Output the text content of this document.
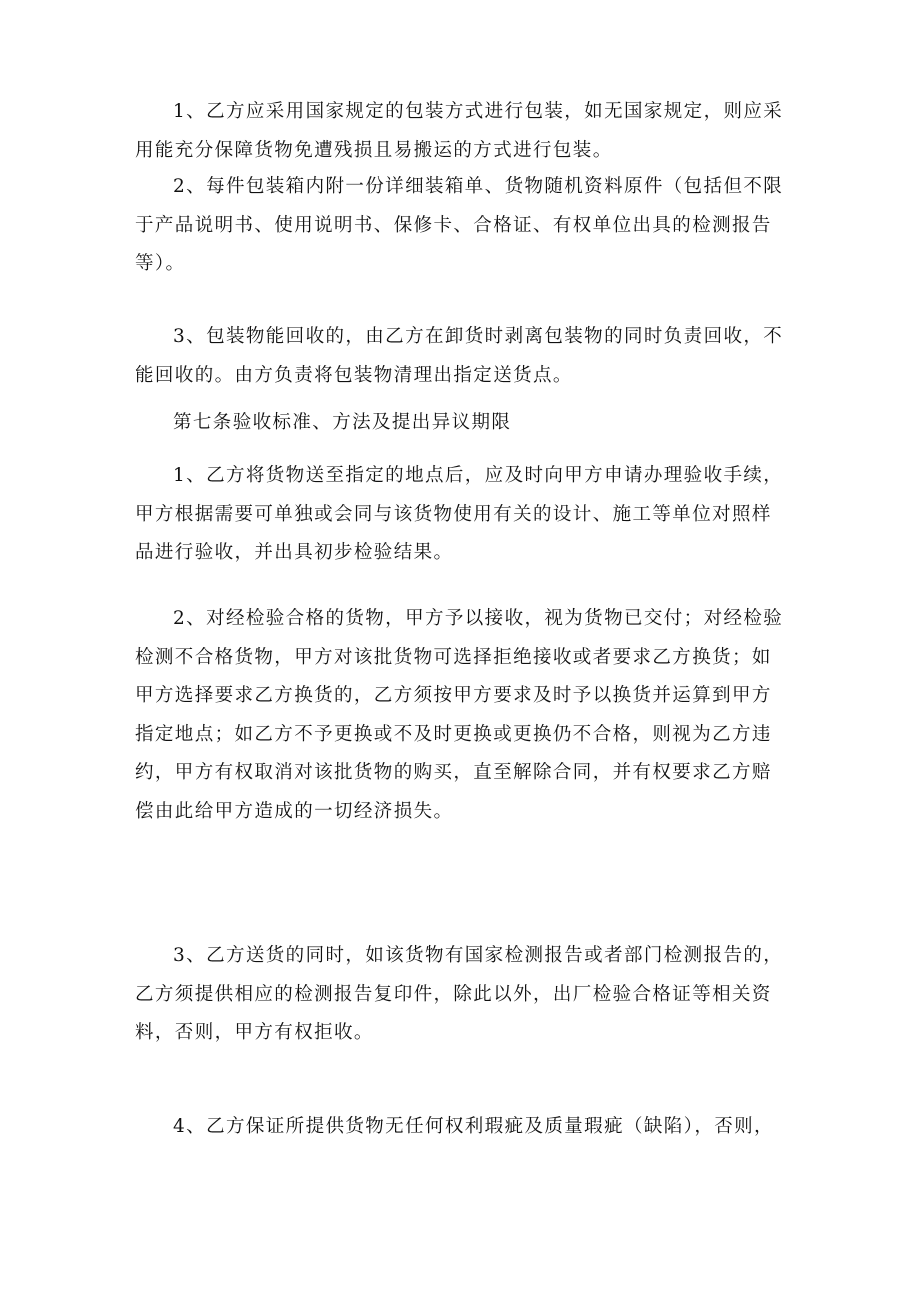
1、乙方应采用国家规定的包装方式进行包装，如无国家规定，则应采用能充分保障货物免遭残损且易搬运的方式进行包装。

2、每件包装箱内附一份详细装箱单、货物随机资料原件（包括但不限于产品说明书、使用说明书、保修卡、合格证、有权单位出具的检测报告等）。

3、包装物能回收的，由乙方在卸货时剥离包装物的同时负责回收，不能回收的。由方负责将包装物清理出指定送货点。

第七条验收标准、方法及提出异议期限

1、乙方将货物送至指定的地点后，应及时向甲方申请办理验收手续，甲方根据需要可单独或会同与该货物使用有关的设计、施工等单位对照样品进行验收，并出具初步检验结果。

2、对经检验合格的货物，甲方予以接收，视为货物已交付；对经检验检测不合格货物，甲方对该批货物可选择拒绝接收或者要求乙方换货；如甲方选择要求乙方换货的，乙方须按甲方要求及时予以换货并运算到甲方指定地点；如乙方不予更换或不及时更换或更换仍不合格，则视为乙方违约，甲方有权取消对该批货物的购买，直至解除合同，并有权要求乙方赔偿由此给甲方造成的一切经济损失。

3、乙方送货的同时，如该货物有国家检测报告或者部门检测报告的，乙方须提供相应的检测报告复印件，除此以外，出厂检验合格证等相关资料，否则，甲方有权拒收。

4、乙方保证所提供货物无任何权利瑕疵及质量瑕疵（缺陷），否则，
